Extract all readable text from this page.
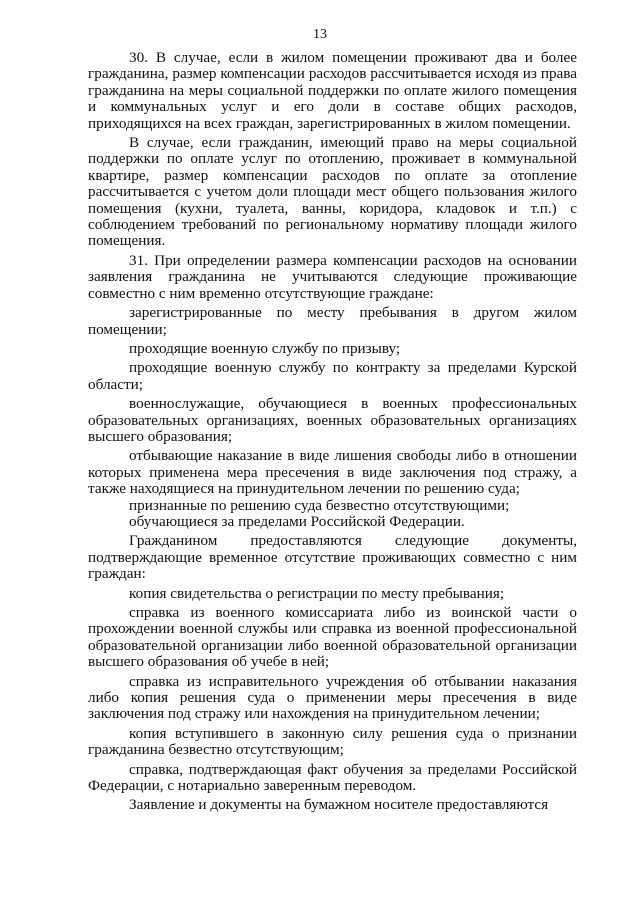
13

30. В случае, если в жилом помещении проживают два и более гражданина, размер компенсации расходов рассчитывается исходя из права гражданина на меры социальной поддержки по оплате жилого помещения и коммунальных услуг и его доли в составе общих расходов, приходящихся на всех граждан, зарегистрированных в жилом помещении.

В случае, если гражданин, имеющий право на меры социальной поддержки по оплате услуг по отоплению, проживает в коммунальной квартире, размер компенсации расходов по оплате за отопление рассчитывается с учетом доли площади мест общего пользования жилого помещения (кухни, туалета, ванны, коридора, кладовок и т.п.) с соблюдением требований по региональному нормативу площади жилого помещения.

31. При определении размера компенсации расходов на основании заявления гражданина не учитываются следующие проживающие совместно с ним временно отсутствующие граждане:

зарегистрированные по месту пребывания в другом жилом помещении;

проходящие военную службу по призыву;

проходящие военную службу по контракту за пределами Курской области;

военнослужащие, обучающиеся в военных профессиональных образовательных организациях, военных образовательных организациях высшего образования;

отбывающие наказание в виде лишения свободы либо в отношении которых применена мера пресечения в виде заключения под стражу, а также находящиеся на принудительном лечении по решению суда;

признанные по решению суда безвестно отсутствующими;

обучающиеся за пределами Российской Федерации.

Гражданином предоставляются следующие документы, подтверждающие временное отсутствие проживающих совместно с ним граждан:

копия свидетельства о регистрации по месту пребывания;

справка из военного комиссариата либо из воинской части о прохождении военной службы или справка из военной профессиональной образовательной организации либо военной образовательной организации высшего образования об учебе в ней;

справка из исправительного учреждения об отбывании наказания либо копия решения суда о применении меры пресечения в виде заключения под стражу или нахождения на принудительном лечении;

копия вступившего в законную силу решения суда о признании гражданина безвестно отсутствующим;

справка, подтверждающая факт обучения за пределами Российской Федерации, с нотариально заверенным переводом.

Заявление и документы на бумажном носителе предоставляются
